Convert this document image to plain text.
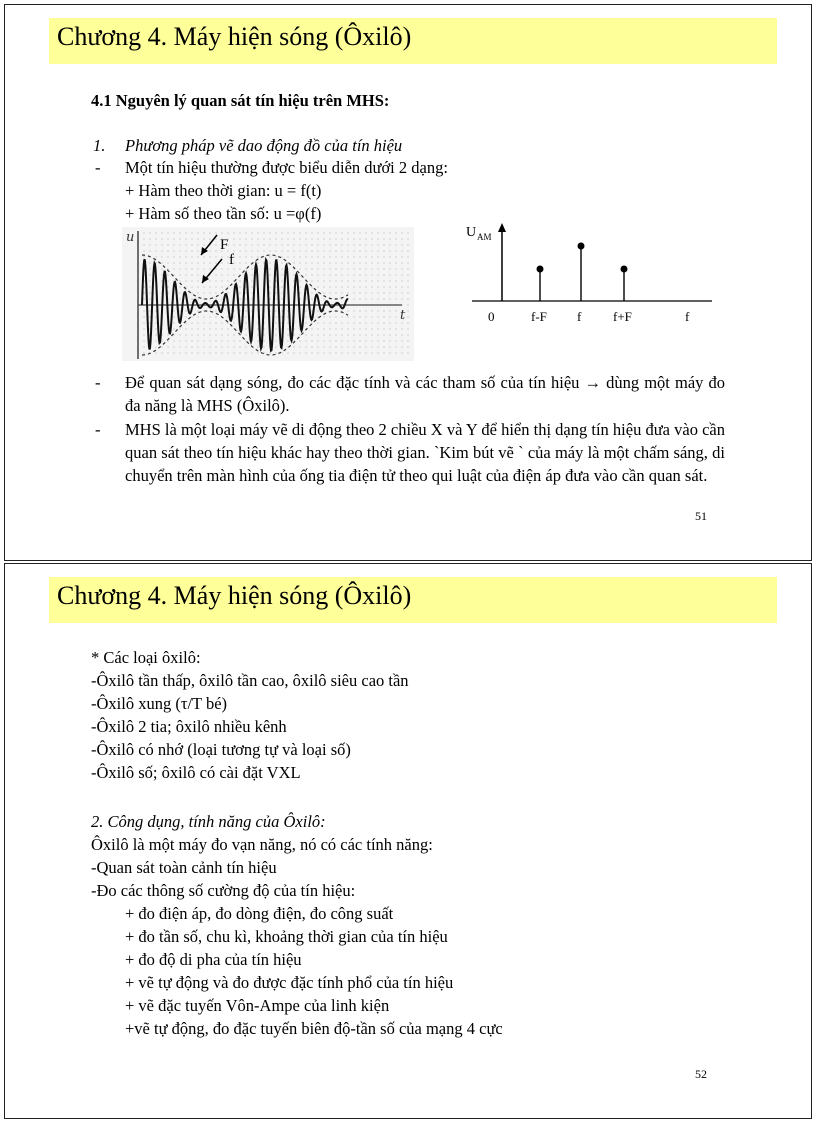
Chương 4. Máy hiện sóng (Ôxilô)
4.1 Nguyên lý quan sát tín hiệu trên MHS:
1. Phương pháp vẽ dao động đồ của tín hiệu
- Một tín hiệu thường được biểu diễn dưới 2 dạng:
+ Hàm theo thời gian: u = f(t)
+ Hàm số theo tần số: u =φ(f)
u
t
F
f
U AM
0	f-F f f+F	f
- Để quan sát dạng sóng, đo các đặc tính và các tham số của tín hiệu → dùng một máy đo đa năng là MHS (Ôxilô).
- MHS là một loại máy vẽ di động theo 2 chiều X và Y để hiển thị dạng tín hiệu đưa vào cần quan sát theo tín hiệu khác hay theo thời gian. `Kim bút vẽ ` của máy là một chấm sáng, di chuyển trên màn hình của ống tia điện tử theo qui luật của điện áp đưa vào cần quan sát.
51
Chương 4. Máy hiện sóng (Ôxilô)
* Các loại ôxilô:
-Ôxilô tần thấp, ôxilô tần cao, ôxilô siêu cao tần
-Ôxilô xung (τ/T bé)
-Ôxilô 2 tia; ôxilô nhiều kênh
-Ôxilô có nhớ (loại tương tự và loại số)
-Ôxilô số; ôxilô có cài đặt VXL
2. Công dụng, tính năng của Ôxilô:
Ôxilô là một máy đo vạn năng, nó có các tính năng:
-Quan sát toàn cảnh tín hiệu
-Đo các thông số cường độ của tín hiệu:
+ đo điện áp, đo dòng điện, đo công suất
+ đo tần số, chu kì, khoảng thời gian của tín hiệu
+ đo độ di pha của tín hiệu
+ vẽ tự động và đo được đặc tính phổ của tín hiệu
+ vẽ đặc tuyến Vôn-Ampe của linh kiện
+vẽ tự động, đo đặc tuyến biên độ-tần số của mạng 4 cực
52
